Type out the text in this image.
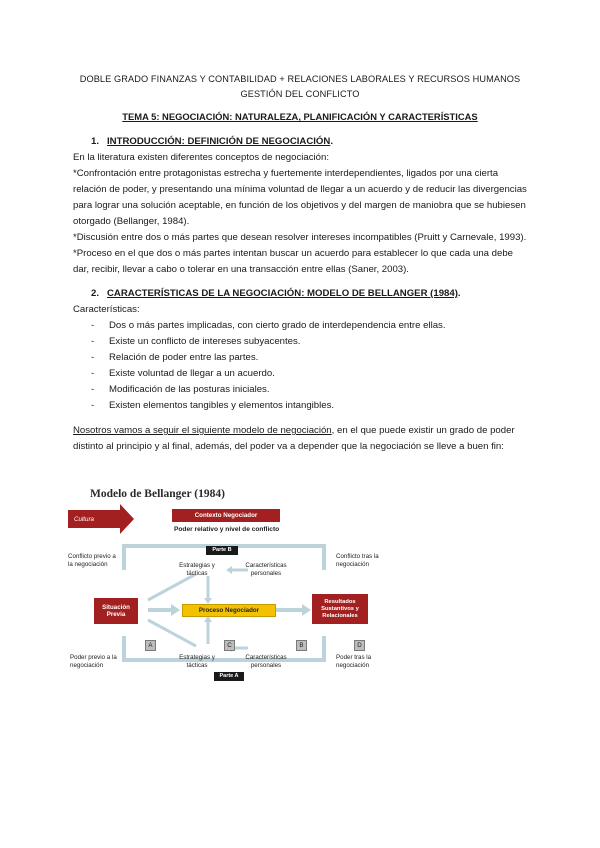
DOBLE GRADO FINANZAS Y CONTABILIDAD + RELACIONES LABORALES Y RECURSOS HUMANOS
GESTIÓN DEL CONFLICTO
TEMA 5: NEGOCIACIÓN: NATURALEZA, PLANIFICACIÓN Y CARACTERÍSTICAS
1. INTRODUCCIÓN: DEFINICIÓN DE NEGOCIACIÓN.

En la literatura existen diferentes conceptos de negociación:

*Confrontación entre protagonistas estrecha y fuertemente interdependientes, ligados por una cierta relación de poder, y presentando una mínima voluntad de llegar a un acuerdo y de reducir las divergencias para lograr una solución aceptable, en función de los objetivos y del margen de maniobra que se hubiesen otorgado (Bellanger, 1984).

*Discusión entre dos o más partes que desean resolver intereses incompatibles (Pruitt y Carnevale, 1993).

*Proceso en el que dos o más partes intentan buscar un acuerdo para establecer lo que cada una debe dar, recibir, llevar a cabo o tolerar en una transacción entre ellas (Saner, 2003).

2. CARACTERÍSTICAS DE LA NEGOCIACIÓN: MODELO DE BELLANGER (1984).

Características:

- Dos o más partes implicadas, con cierto grado de interdependencia entre ellas.
- Existe un conflicto de intereses subyacentes.
- Relación de poder entre las partes.
- Existe voluntad de llegar a un acuerdo.
- Modificación de las posturas iniciales.
- Existen elementos tangibles y elementos intangibles.

Nosotros vamos a seguir el siguiente modelo de negociación, en el que puede existir un grado de poder distinto al principio y al final, además, del poder va a depender que la negociación se lleve a buen fin:

Modelo de Bellanger (1984)
Cultura	Contexto Negociador
Poder relativo y nivel de conflicto
Parte B
Conflicto previo a la negociación
Conflicto tras la negociación
Estrategias y tácticas
Características personales
Situación Previa
Proceso Negociador
Resultados Sustantivos y Relacionales
A	C	B	D
Estrategias y tácticas
Características personales
Poder previo a la negociación
Poder tras la negociación
Parte A
